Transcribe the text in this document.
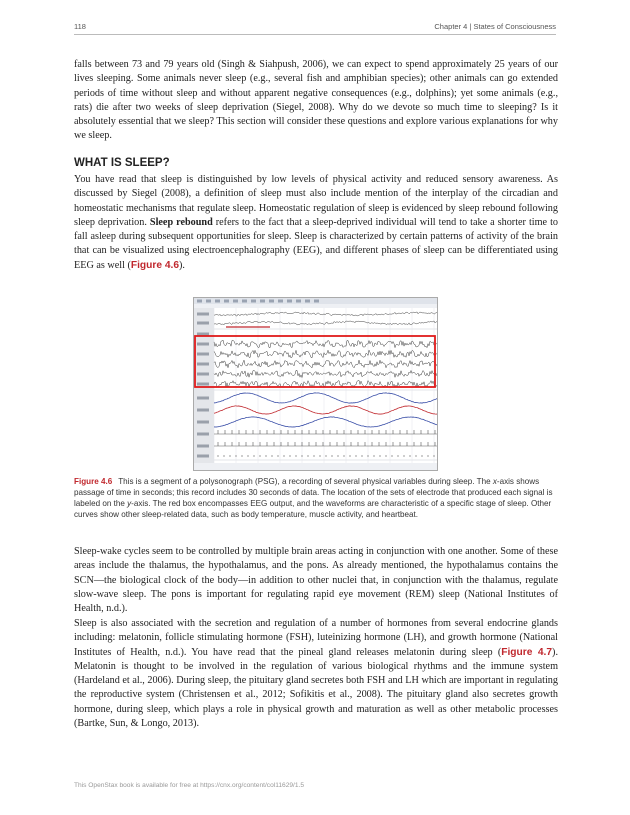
118	Chapter 4 | States of Consciousness

falls between 73 and 79 years old (Singh & Siahpush, 2006), we can expect to spend approximately 25 years of our lives sleeping. Some animals never sleep (e.g., several fish and amphibian species); other animals can go extended periods of time without sleep and without apparent negative consequences (e.g., dolphins); yet some animals (e.g., rats) die after two weeks of sleep deprivation (Siegel, 2008). Why do we devote so much time to sleeping? Is it absolutely essential that we sleep? This section will consider these questions and explore various explanations for why we sleep.

WHAT IS SLEEP?

You have read that sleep is distinguished by low levels of physical activity and reduced sensory awareness. As discussed by Siegel (2008), a definition of sleep must also include mention of the interplay of the circadian and homeostatic mechanisms that regulate sleep. Homeostatic regulation of sleep is evidenced by sleep rebound following sleep deprivation. Sleep rebound refers to the fact that a sleep-deprived individual will tend to take a shorter time to fall asleep during subsequent opportunities for sleep. Sleep is characterized by certain patterns of activity of the brain that can be visualized using electroencephalography (EEG), and different phases of sleep can be differentiated using EEG as well (Figure 4.6).

Figure 4.6 This is a segment of a polysonograph (PSG), a recording of several physical variables during sleep. The x-axis shows passage of time in seconds; this record includes 30 seconds of data. The location of the sets of electrode that produced each signal is labeled on the y-axis. The red box encompasses EEG output, and the waveforms are characteristic of a specific stage of sleep. Other curves show other sleep-related data, such as body temperature, muscle activity, and heartbeat.

Sleep-wake cycles seem to be controlled by multiple brain areas acting in conjunction with one another. Some of these areas include the thalamus, the hypothalamus, and the pons. As already mentioned, the hypothalamus contains the SCN—the biological clock of the body—in addition to other nuclei that, in conjunction with the thalamus, regulate slow-wave sleep. The pons is important for regulating rapid eye movement (REM) sleep (National Institutes of Health, n.d.).

Sleep is also associated with the secretion and regulation of a number of hormones from several endocrine glands including: melatonin, follicle stimulating hormone (FSH), luteinizing hormone (LH), and growth hormone (National Institutes of Health, n.d.). You have read that the pineal gland releases melatonin during sleep (Figure 4.7). Melatonin is thought to be involved in the regulation of various biological rhythms and the immune system (Hardeland et al., 2006). During sleep, the pituitary gland secretes both FSH and LH which are important in regulating the reproductive system (Christensen et al., 2012; Sofikitis et al., 2008). The pituitary gland also secretes growth hormone, during sleep, which plays a role in physical growth and maturation as well as other metabolic processes (Bartke, Sun, & Longo, 2013).

This OpenStax book is available for free at https://cnx.org/content/col11629/1.5
